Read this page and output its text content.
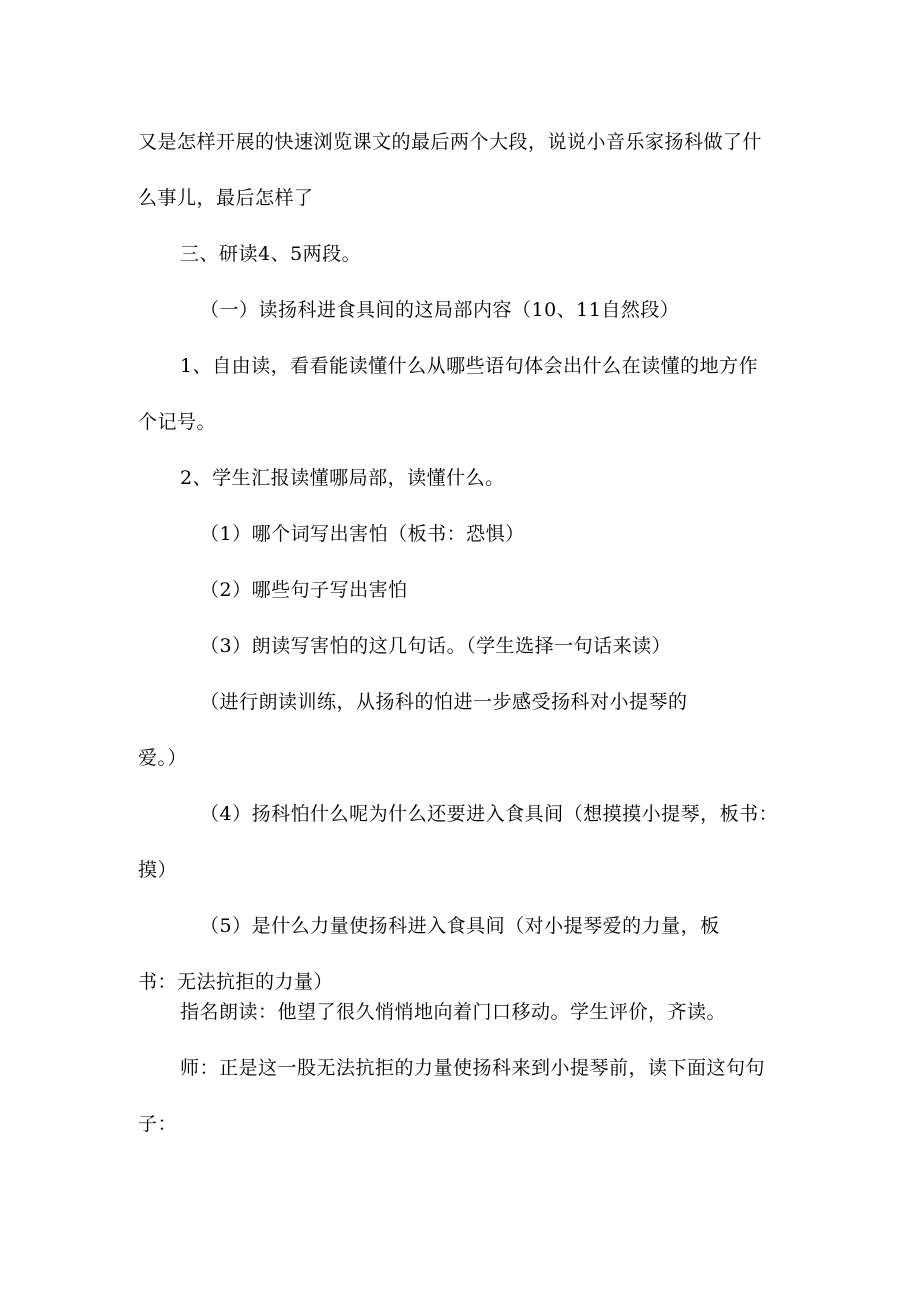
又是怎样开展的快速浏览课文的最后两个大段，说说小音乐家扬科做了什
么事儿，最后怎样了
三、研读4、5两段。
（一）读扬科进食具间的这局部内容（10、11自然段）
1、自由读，看看能读懂什么从哪些语句体会出什么在读懂的地方作
个记号。
2、学生汇报读懂哪局部，读懂什么。
（1）哪个词写出害怕（板书：恐惧）
（2）哪些句子写出害怕
（3）朗读写害怕的这几句话。（学生选择一句话来读）
（进行朗读训练，从扬科的怕进一步感受扬科对小提琴的
爱。）
（4）扬科怕什么呢为什么还要进入食具间（想摸摸小提琴，板书：
摸）
（5）是什么力量使扬科进入食具间（对小提琴爱的力量，板
书：无法抗拒的力量）
指名朗读：他望了很久悄悄地向着门口移动。学生评价，齐读。
师：正是这一股无法抗拒的力量使扬科来到小提琴前，读下面这句句
子：
